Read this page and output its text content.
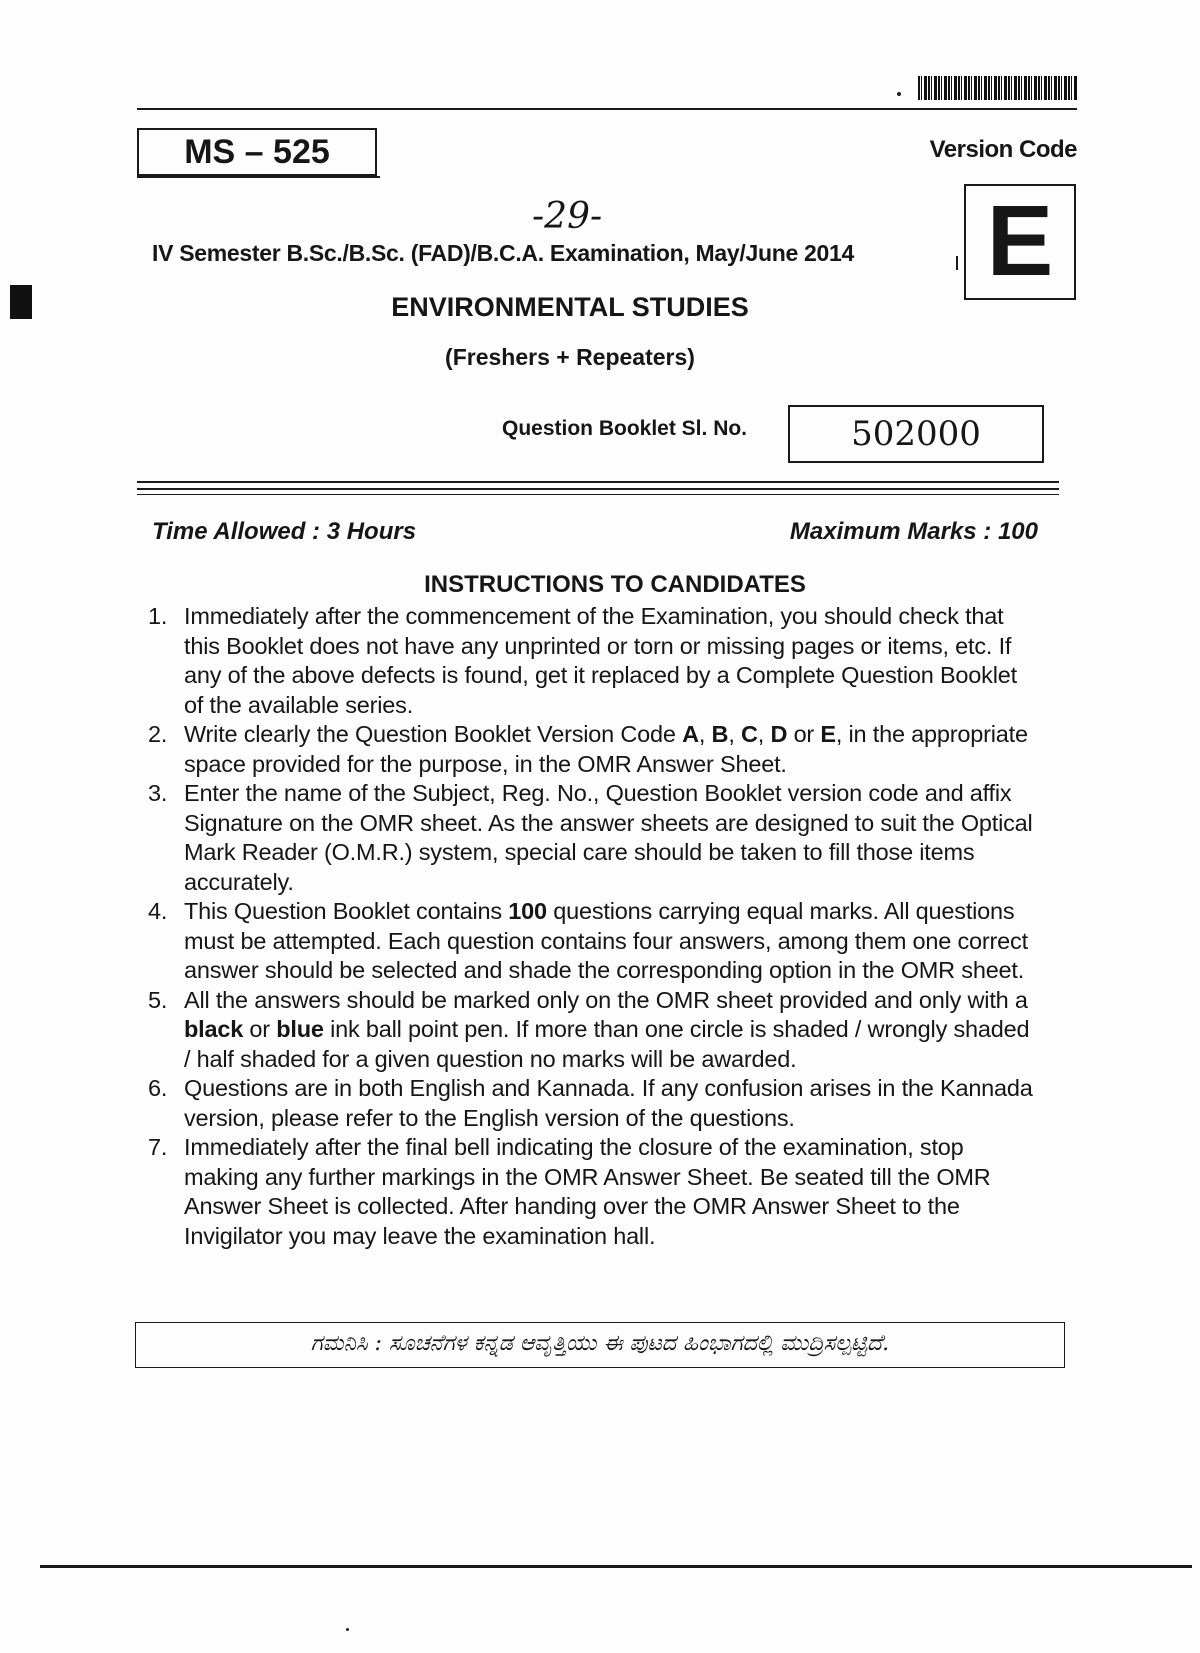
MS – 525	Version Code
E
-29-
IV Semester B.Sc./B.Sc. (FAD)/B.C.A. Examination, May/June 2014
ENVIRONMENTAL STUDIES
(Freshers + Repeaters)
Question Booklet Sl. No.	502000
Time Allowed : 3 Hours	Maximum Marks : 100
INSTRUCTIONS TO CANDIDATES
1. Immediately after the commencement of the Examination, you should check that this Booklet does not have any unprinted or torn or missing pages or items, etc. If any of the above defects is found, get it replaced by a Complete Question Booklet of the available series.
2. Write clearly the Question Booklet Version Code A, B, C, D or E, in the appropriate space provided for the purpose, in the OMR Answer Sheet.
3. Enter the name of the Subject, Reg. No., Question Booklet version code and affix Signature on the OMR sheet. As the answer sheets are designed to suit the Optical Mark Reader (O.M.R.) system, special care should be taken to fill those items accurately.
4. This Question Booklet contains 100 questions carrying equal marks. All questions must be attempted. Each question contains four answers, among them one correct answer should be selected and shade the corresponding option in the OMR sheet.
5. All the answers should be marked only on the OMR sheet provided and only with a black or blue ink ball point pen. If more than one circle is shaded / wrongly shaded / half shaded for a given question no marks will be awarded.
6. Questions are in both English and Kannada. If any confusion arises in the Kannada version, please refer to the English version of the questions.
7. Immediately after the final bell indicating the closure of the examination, stop making any further markings in the OMR Answer Sheet. Be seated till the OMR Answer Sheet is collected. After handing over the OMR Answer Sheet to the Invigilator you may leave the examination hall.
ಗಮನಿಸಿ : ಸೂಚನೆಗಳ ಕನ್ನಡ ಆವೃತ್ತಿಯು ಈ ಪುಟದ ಹಿಂಭಾಗದಲ್ಲಿ ಮುದ್ರಿಸಲ್ಪಟ್ಟಿದೆ.
